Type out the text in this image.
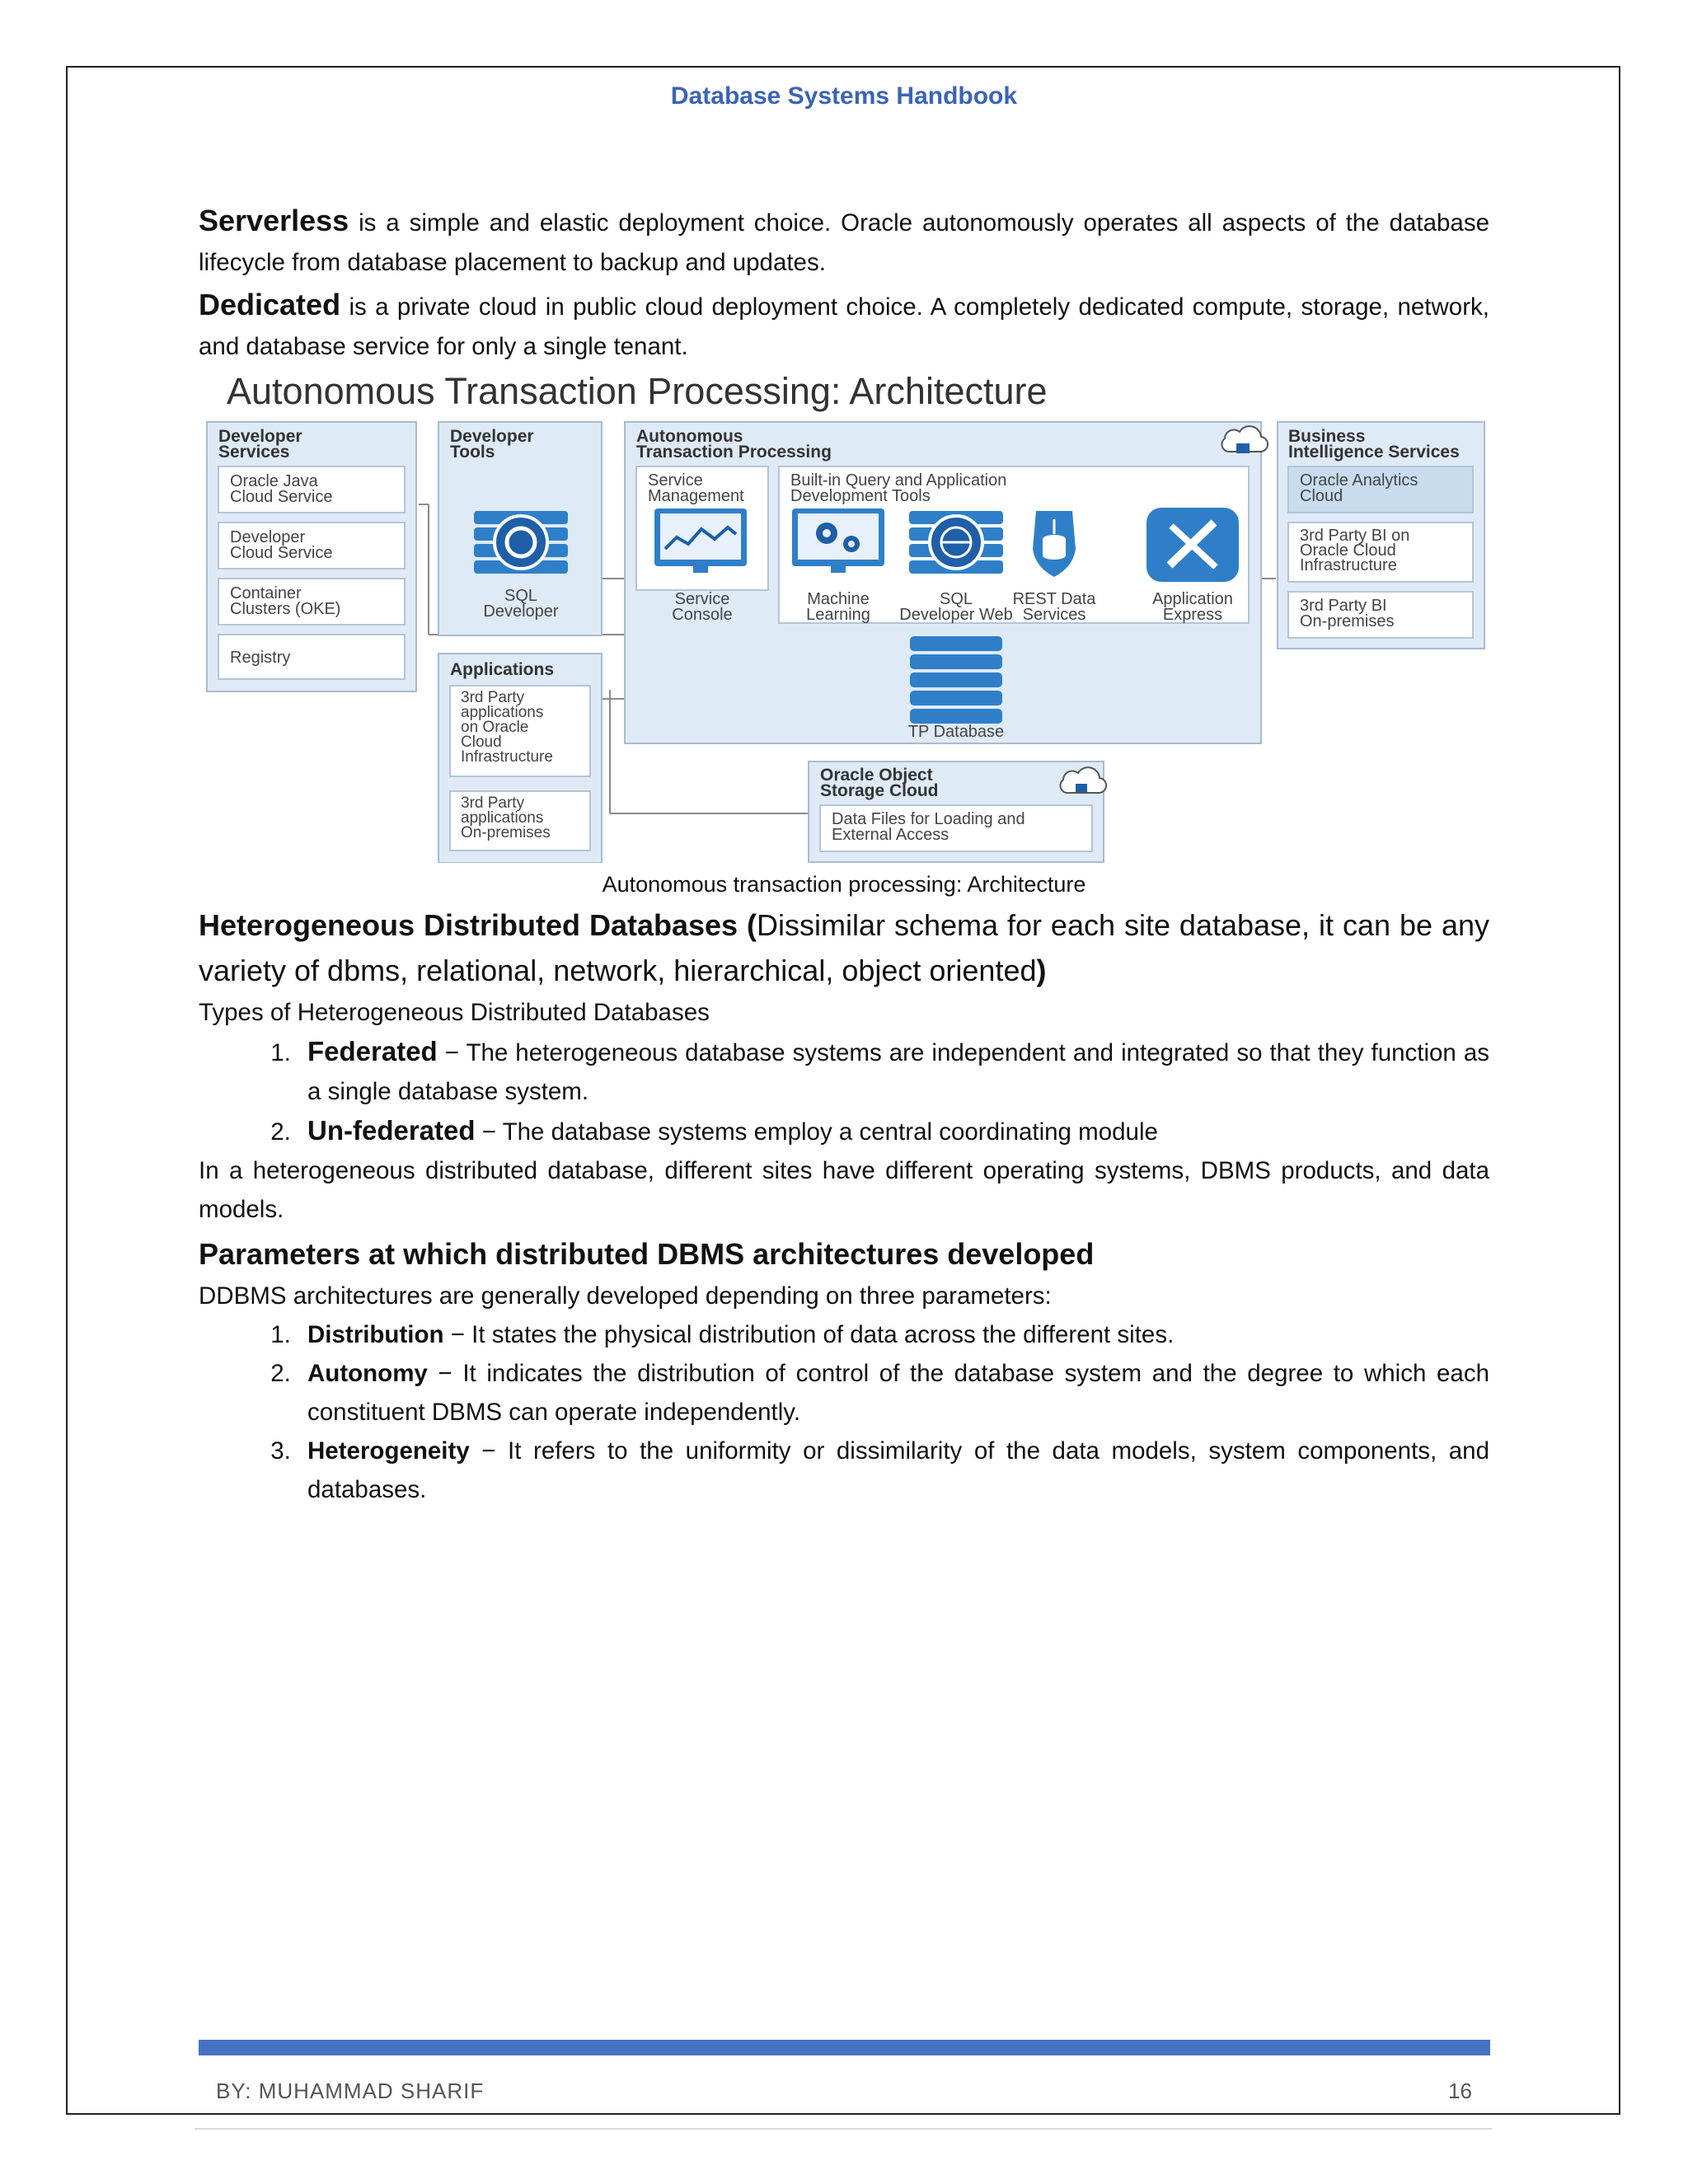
Database Systems Handbook

Serverless is a simple and elastic deployment choice. Oracle autonomously operates all aspects of the database lifecycle from database placement to backup and updates.

Dedicated is a private cloud in public cloud deployment choice. A completely dedicated compute, storage, network, and database service for only a single tenant.

Autonomous Transaction Processing: Architecture
Developer
Services
Oracle Java
Cloud Service
Developer
Cloud Service
Container
Clusters (OKE)
Registry
Developer
Tools
SQL
Developer
Applications
3rd Party
applications
on Oracle
Cloud
Infrastructure
3rd Party
applications
On-premises
Autonomous
Transaction Processing
Service
Management
Service
Console
Built-in Query and Application
Development Tools
Machine
Learning
SQL
Developer Web
REST Data
Services
Application
Express
TP Database
Oracle Object
Storage Cloud
Data Files for Loading and
External Access
Business
Intelligence Services
Oracle Analytics
Cloud
3rd Party BI on
Oracle Cloud
Infrastructure
3rd Party BI
On-premises
Autonomous transaction processing: Architecture

Heterogeneous Distributed Databases (Dissimilar schema for each site database, it can be any variety of dbms, relational, network, hierarchical, object oriented)

Types of Heterogeneous Distributed Databases

1. Federated − The heterogeneous database systems are independent and integrated so that they function as a single database system.
2. Un-federated − The database systems employ a central coordinating module

In a heterogeneous distributed database, different sites have different operating systems, DBMS products, and data models.

Parameters at which distributed DBMS architectures developed

DDBMS architectures are generally developed depending on three parameters:

1. Distribution − It states the physical distribution of data across the different sites.
2. Autonomy − It indicates the distribution of control of the database system and the degree to which each constituent DBMS can operate independently.
3. Heterogeneity − It refers to the uniformity or dissimilarity of the data models, system components, and databases.
BY: MUHAMMAD SHARIF	16
